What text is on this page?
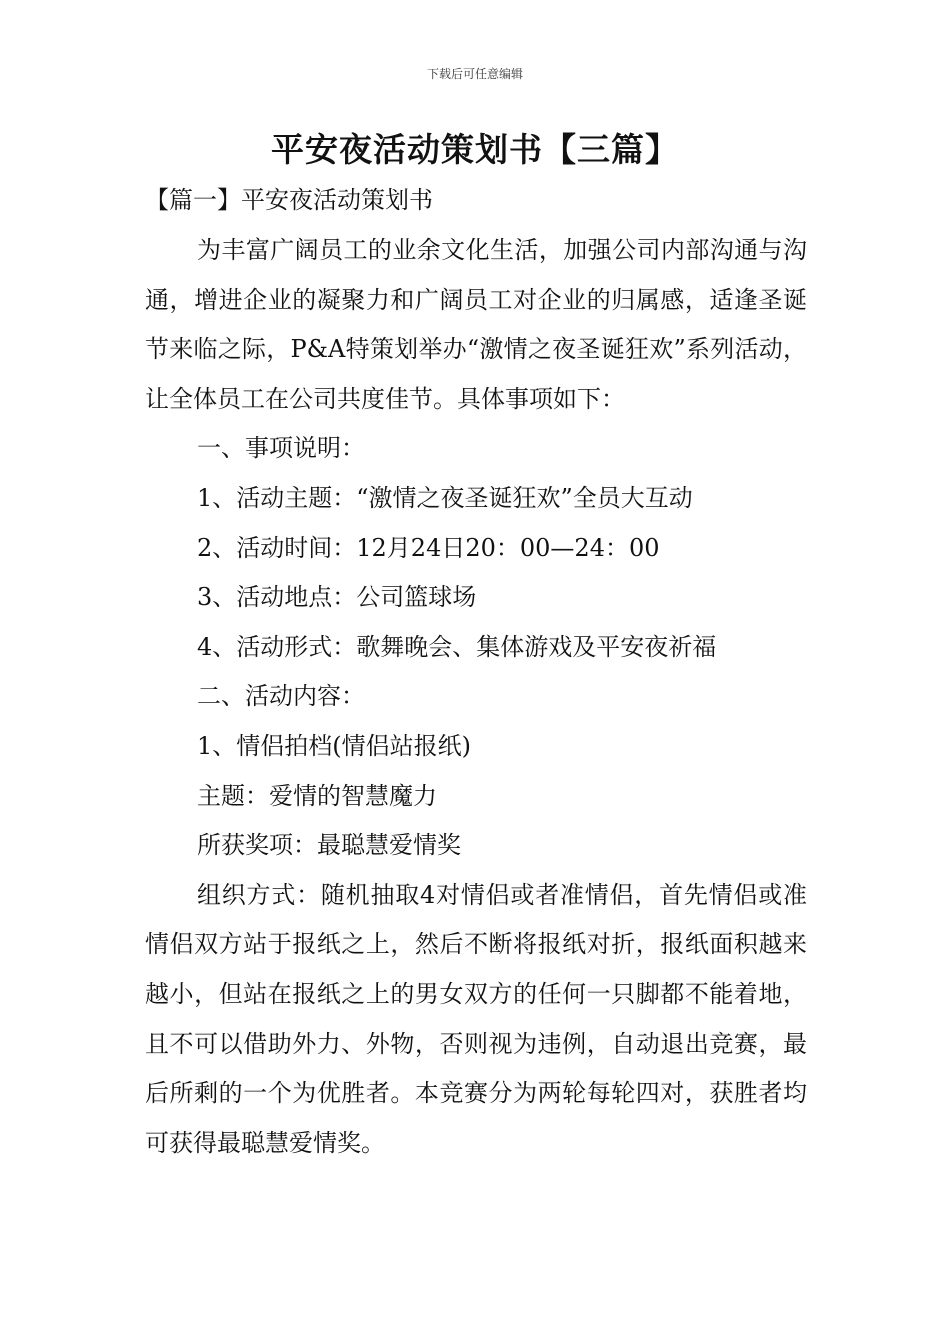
下载后可任意编辑
平安夜活动策划书【三篇】
【篇一】平安夜活动策划书

为丰富广阔员工的业余文化生活，加强公司内部沟通与沟通，增进企业的凝聚力和广阔员工对企业的归属感，适逢圣诞节来临之际，P&A特策划举办“激情之夜圣诞狂欢”系列活动，让全体员工在公司共度佳节。具体事项如下：

一、事项说明：

1、活动主题：“激情之夜圣诞狂欢”全员大互动

2、活动时间：12月24日20：00—24：00

3、活动地点：公司篮球场

4、活动形式：歌舞晚会、集体游戏及平安夜祈福

二、活动内容：

1、情侣拍档(情侣站报纸)

主题：爱情的智慧魔力

所获奖项：最聪慧爱情奖

组织方式：随机抽取4对情侣或者准情侣，首先情侣或准情侣双方站于报纸之上，然后不断将报纸对折，报纸面积越来越小，但站在报纸之上的男女双方的任何一只脚都不能着地，且不可以借助外力、外物，否则视为违例，自动退出竞赛，最后所剩的一个为优胜者。本竞赛分为两轮每轮四对，获胜者均可获得最聪慧爱情奖。
